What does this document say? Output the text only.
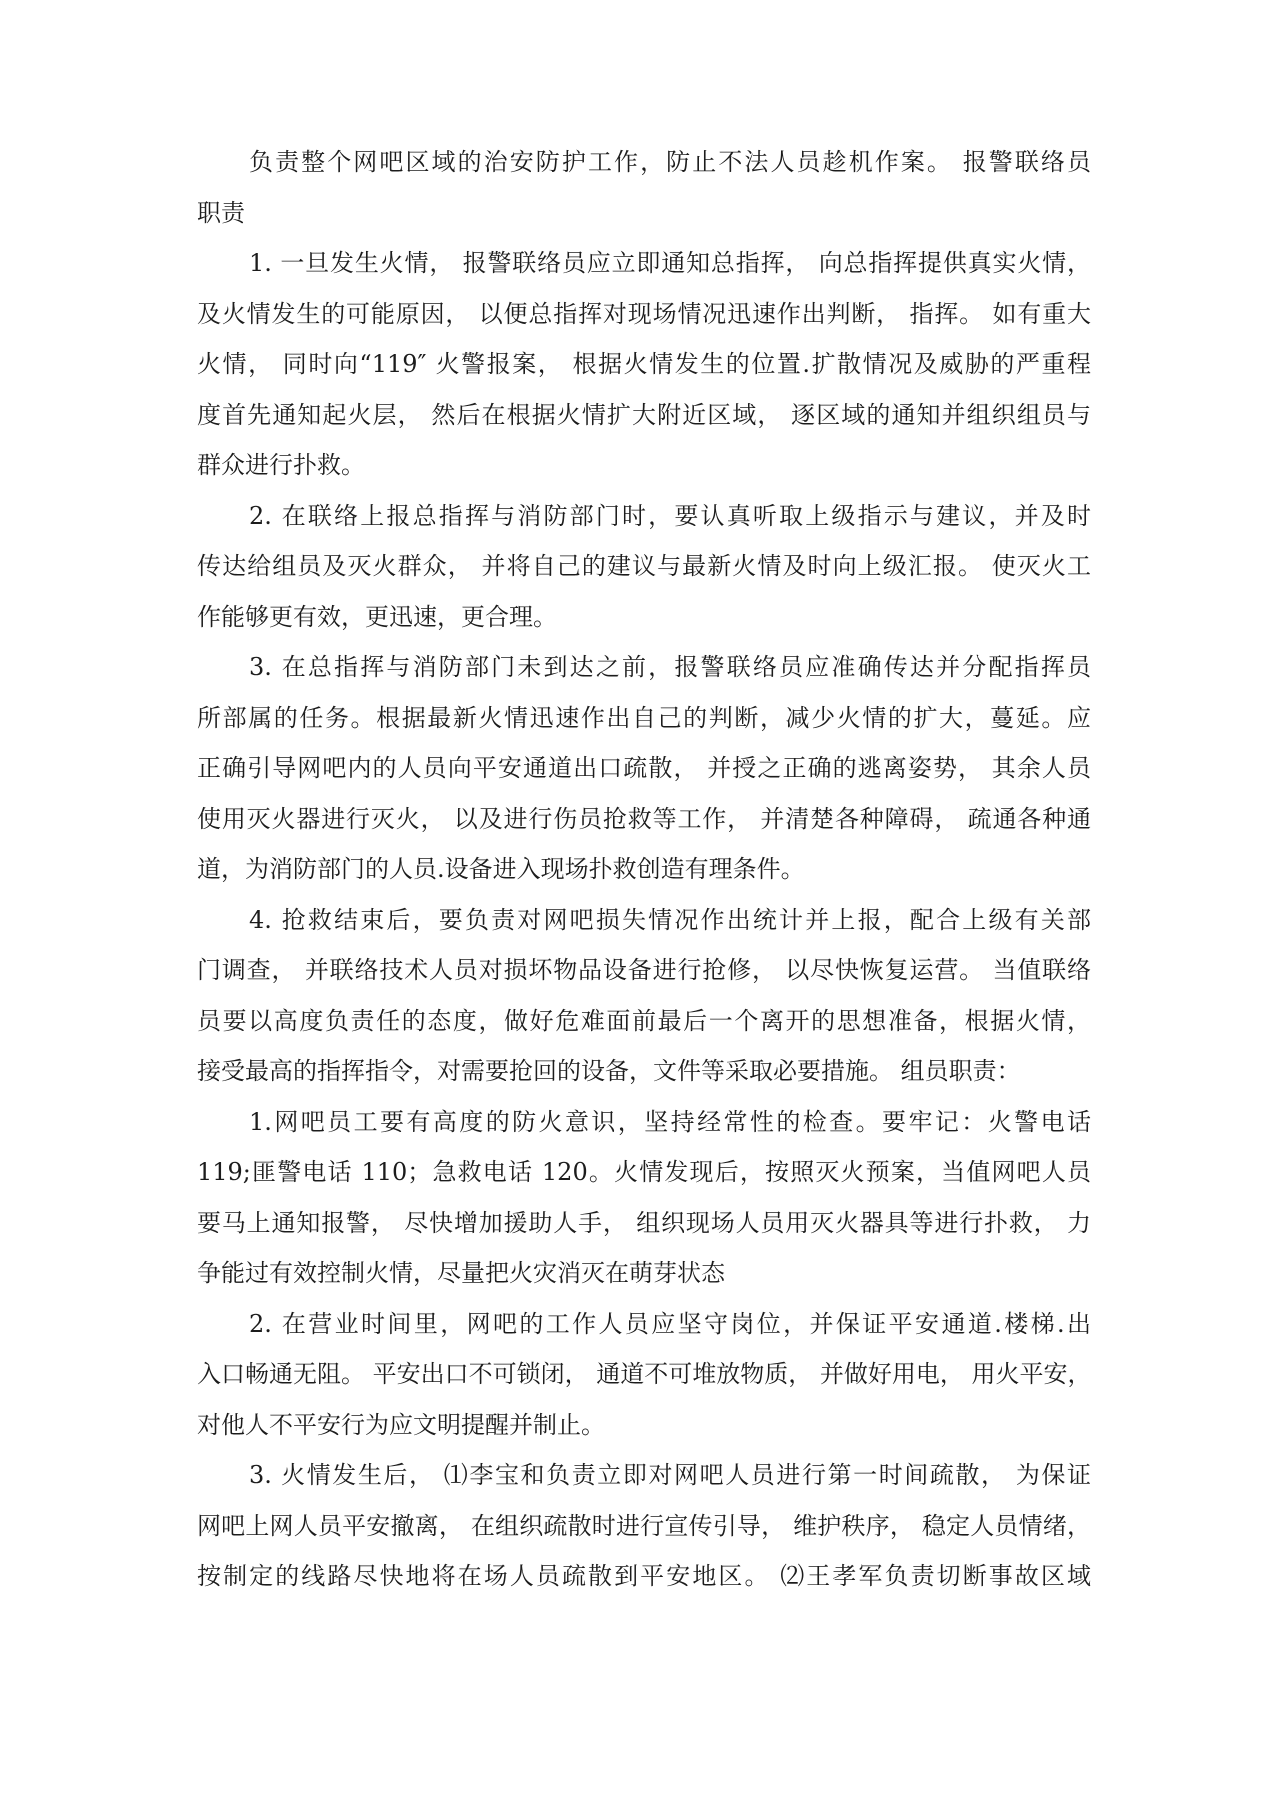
负责整个网吧区域的治安防护工作，防止不法人员趁机作案。 报警联络员
职责
1. 一旦发生火情， 报警联络员应立即通知总指挥， 向总指挥提供真实火情，
及火情发生的可能原因， 以便总指挥对现场情况迅速作出判断， 指挥。 如有重大
火情， 同时向“119″ 火警报案， 根据火情发生的位置.扩散情况及威胁的严重程
度首先通知起火层， 然后在根据火情扩大附近区域， 逐区域的通知并组织组员与
群众进行扑救。
2. 在联络上报总指挥与消防部门时，要认真听取上级指示与建议，并及时
传达给组员及灭火群众， 并将自己的建议与最新火情及时向上级汇报。 使灭火工
作能够更有效，更迅速，更合理。
3. 在总指挥与消防部门未到达之前，报警联络员应准确传达并分配指挥员
所部属的任务。根据最新火情迅速作出自己的判断，减少火情的扩大，蔓延。应
正确引导网吧内的人员向平安通道出口疏散， 并授之正确的逃离姿势， 其余人员
使用灭火器进行灭火， 以及进行伤员抢救等工作， 并清楚各种障碍， 疏通各种通
道，为消防部门的人员.设备进入现场扑救创造有理条件。
4. 抢救结束后，要负责对网吧损失情况作出统计并上报，配合上级有关部
门调查， 并联络技术人员对损坏物品设备进行抢修， 以尽快恢复运营。 当值联络
员要以高度负责任的态度，做好危难面前最后一个离开的思想准备，根据火情，
接受最高的指挥指令，对需要抢回的设备，文件等采取必要措施。 组员职责：
1.网吧员工要有高度的防火意识，坚持经常性的检查。要牢记：火警电话
119;匪警电话 110；急救电话 120。火情发现后，按照灭火预案，当值网吧人员
要马上通知报警， 尽快增加援助人手， 组织现场人员用灭火器具等进行扑救， 力
争能过有效控制火情，尽量把火灾消灭在萌芽状态
2. 在营业时间里，网吧的工作人员应坚守岗位，并保证平安通道.楼梯.出
入口畅通无阻。 平安出口不可锁闭， 通道不可堆放物质， 并做好用电， 用火平安，
对他人不平安行为应文明提醒并制止。
3. 火情发生后， ⑴李宝和负责立即对网吧人员进行第一时间疏散， 为保证
网吧上网人员平安撤离， 在组织疏散时进行宣传引导， 维护秩序， 稳定人员情绪，
按制定的线路尽快地将在场人员疏散到平安地区。 ⑵王孝军负责切断事故区域
